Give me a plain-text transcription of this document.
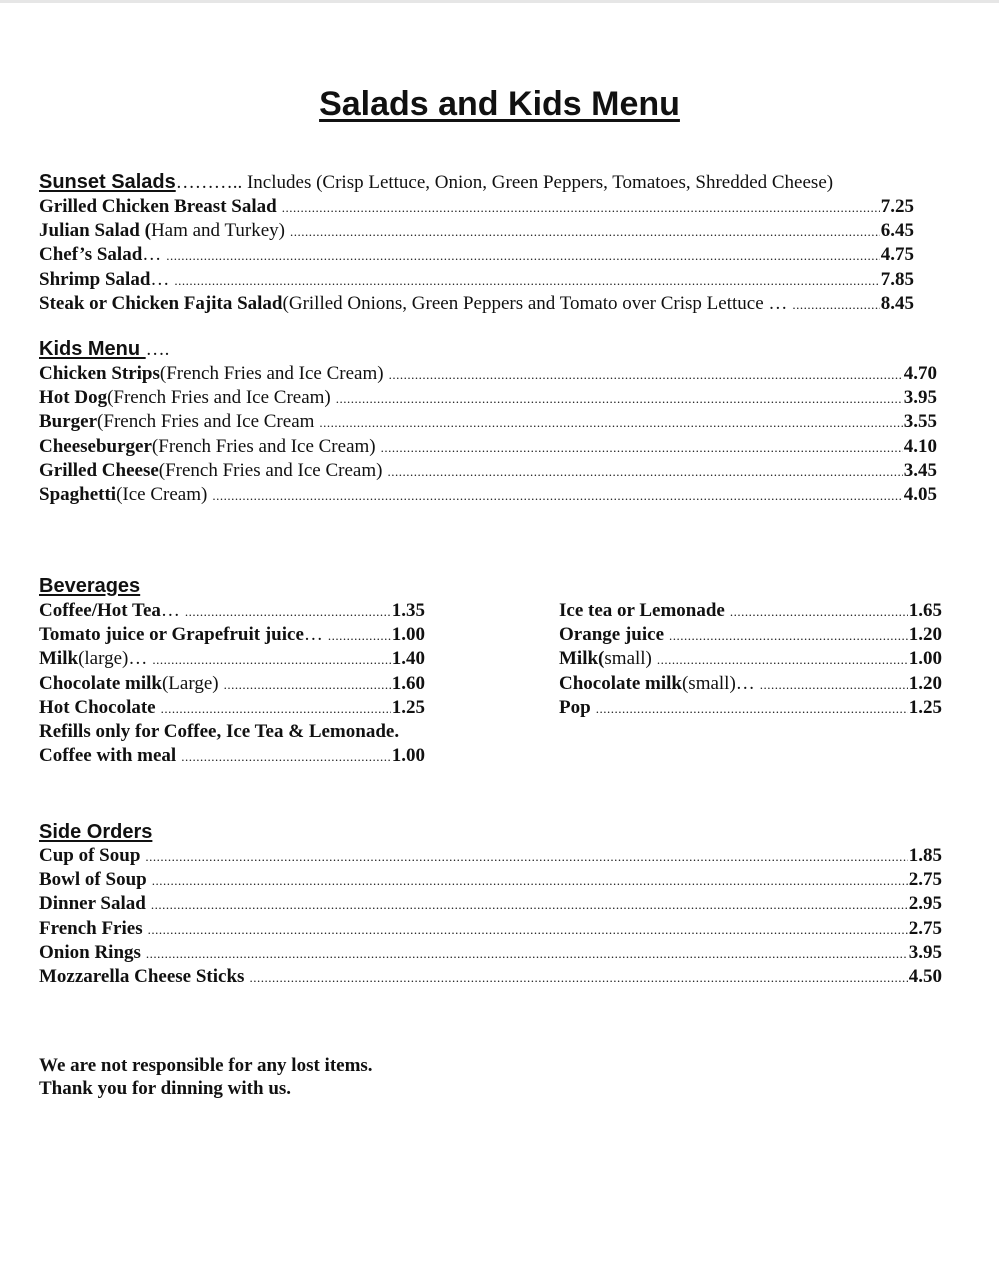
Salads and Kids Menu
Sunset Salads……….. Includes (Crisp Lettuce, Onion, Green Peppers, Tomatoes, Shredded Cheese)
Grilled Chicken Breast Salad .....	7.25
Julian Salad ( Ham and Turkey) .....	6.45
Chef’s Salad … .....	4.75
Shrimp Salad … .....	7.85
Steak or Chicken Fajita Salad (Grilled Onions, Green Peppers and Tomato over Crisp Lettuce … .....	8.45
Kids Menu ….
Chicken Strips (French Fries and Ice Cream) .....	4.70
Hot Dog (French Fries and Ice Cream) .....	3.95
Burger (French Fries and Ice Cream .....	3.55
Cheeseburger (French Fries and Ice Cream) .....	4.10
Grilled Cheese (French Fries and Ice Cream) .....	3.45
Spaghetti (Ice Cream) .....	4.05
Beverages
Coffee/Hot Tea … .....	1.35
Tomato juice or Grapefruit juice … .....	1.00
Milk (large)… .....	1.40
Chocolate milk (Large) .....	1.60
Hot Chocolate .....	1.25
Refills only for Coffee, Ice Tea & Lemonade.
Coffee with meal .....	1.00
Ice tea or Lemonade .....	1.65
Orange juice .....	1.20
Milk( small) .....	1.00
Chocolate milk (small)… .....	1.20
Pop .....	1.25
Side Orders
Cup of Soup .....	1.85
Bowl of Soup .....	2.75
Dinner Salad .....	2.95
French Fries .....	2.75
Onion Rings .....	3.95
Mozzarella Cheese Sticks .....	4.50
We are not responsible for any lost items.
Thank you for dinning with us.
